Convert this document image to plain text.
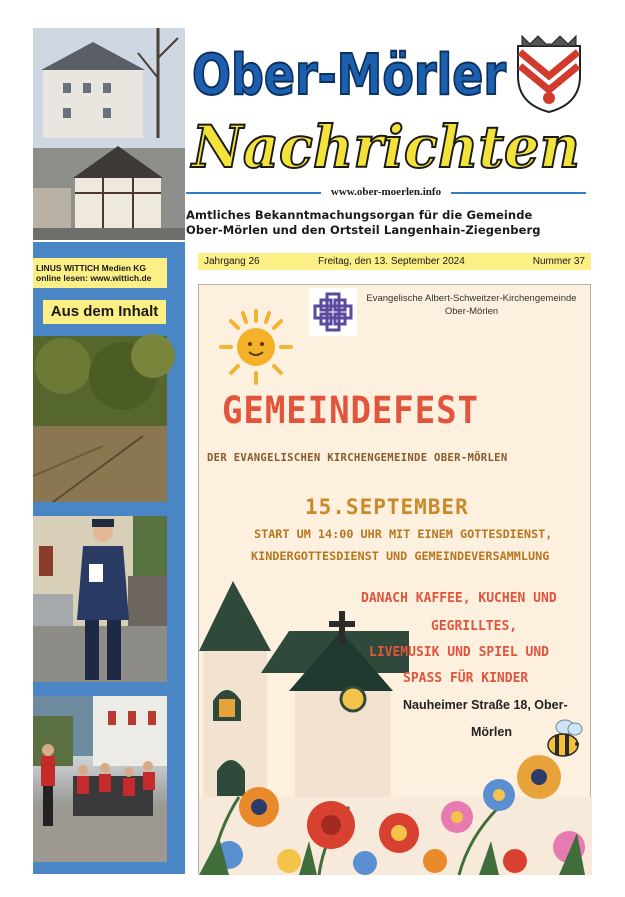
Ober-Mörler
Nachrichten
www.ober-moerlen.info
Amtliches Bekanntmachungsorgan für die Gemeinde
Ober-Mörlen und den Ortsteil Langenhain-Ziegenberg
LINUS WITTICH Medien KG
online lesen: www.wittich.de
Aus dem Inhalt
Jahrgang 26	Freitag, den 13. September 2024	Nummer 37
Evangelische Albert-Schweitzer-Kirchengemeinde
Ober-Mörlen
GEMEINDEFEST
DER EVANGELISCHEN KIRCHENGEMEINDE OBER-MÖRLEN
15.SEPTEMBER
START UM 14:00 UHR MIT EINEM GOTTESDIENST,
KINDERGOTTESDIENST UND GEMEINDEVERSAMMLUNG
DANACH KAFFEE, KUCHEN UND
GEGRILLTES,
LIVEMUSIK UND SPIEL UND
SPASS FÜR KINDER
Nauheimer Straße 18, Ober-
Mörlen
